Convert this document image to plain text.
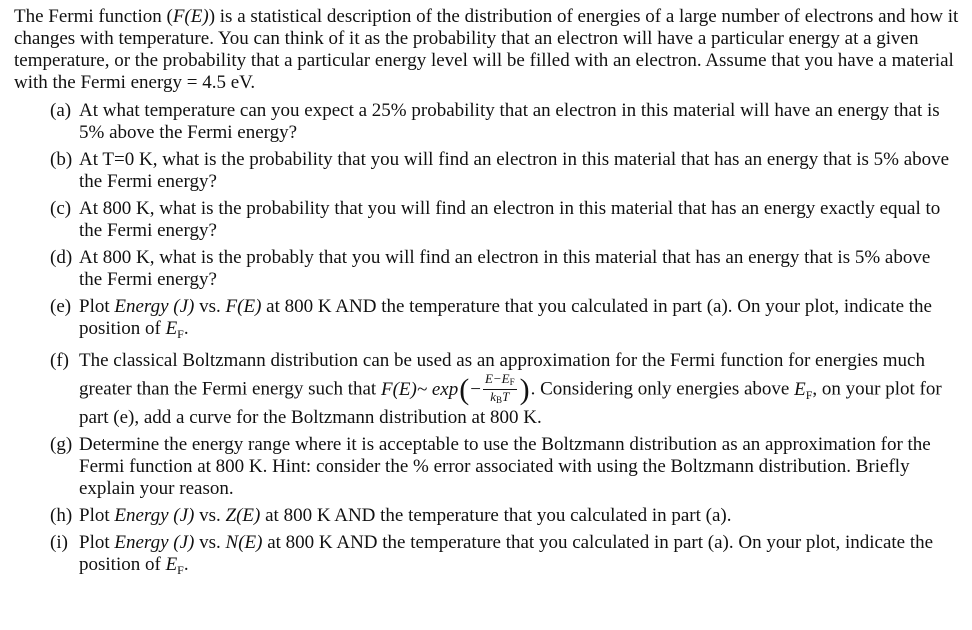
The Fermi function (F(E)) is a statistical description of the distribution of energies of a large number of electrons and how it changes with temperature. You can think of it as the probability that an electron will have a particular energy at a given temperature, or the probability that a particular energy level will be filled with an electron. Assume that you have a material with the Fermi energy = 4.5 eV.

(a) At what temperature can you expect a 25% probability that an electron in this material will have an energy that is 5% above the Fermi energy?
(b) At T=0 K, what is the probability that you will find an electron in this material that has an energy that is 5% above the Fermi energy?
(c) At 800 K, what is the probability that you will find an electron in this material that has an energy exactly equal to the Fermi energy?
(d) At 800 K, what is the probably that you will find an electron in this material that has an energy that is 5% above the Fermi energy?
(e) Plot Energy (J) vs. F(E) at 800 K AND the temperature that you calculated in part (a). On your plot, indicate the position of $E_F$.
(f) The classical Boltzmann distribution can be used as an approximation for the Fermi function for energies much greater than the Fermi energy such that F(E)~ exp ( − $\frac{E-E_F}{k_BT}$ ) . Considering only energies above $E_F$, on your plot for part (e), add a curve for the Boltzmann distribution at 800 K.
(g) Determine the energy range where it is acceptable to use the Boltzmann distribution as an approximation for the Fermi function at 800 K. Hint: consider the % error associated with using the Boltzmann distribution. Briefly explain your reason.
(h) Plot Energy (J) vs. Z(E) at 800 K AND the temperature that you calculated in part (a).
(i) Plot Energy (J) vs. N(E) at 800 K AND the temperature that you calculated in part (a). On your plot, indicate the position of $E_F$.
